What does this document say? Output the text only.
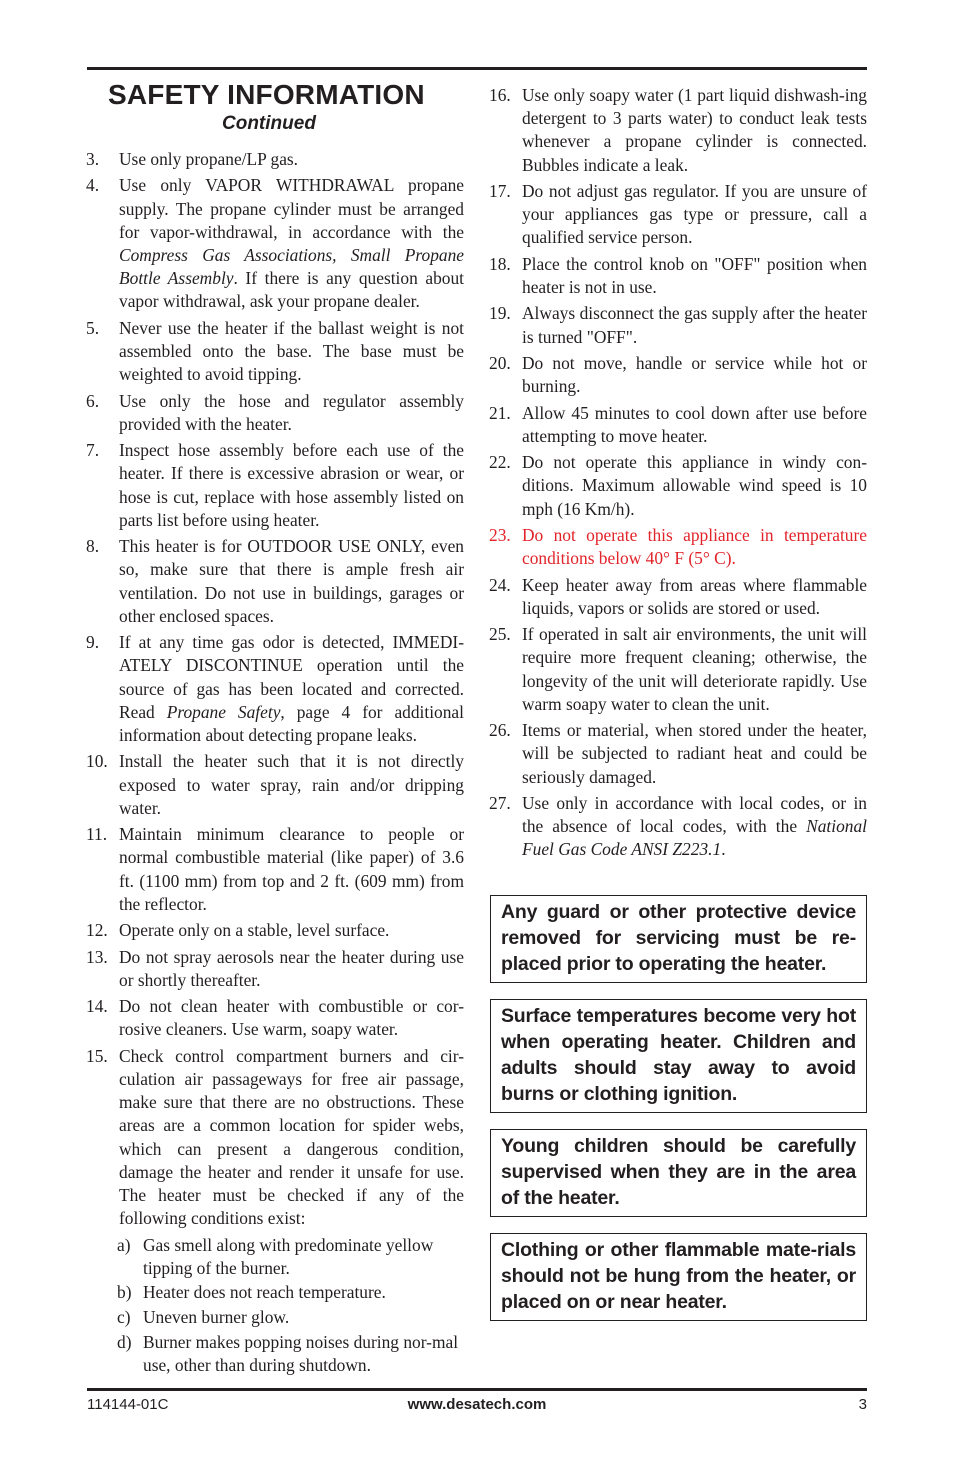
SAFETY INFORMATION
Continued
3.	Use only propane/LP gas.
4.	Use only VAPOR WITHDRAWAL propane supply. The propane cylinder must be arranged for vapor-withdrawal, in accordance with the Compress Gas Associations, Small Propane Bottle Assembly. If there is any question about vapor withdrawal, ask your propane dealer.
5.	Never use the heater if the ballast weight is not assembled onto the base. The base must be weighted to avoid tipping.
6.	Use only the hose and regulator assembly provided with the heater.
7.	Inspect hose assembly before each use of the heater. If there is excessive abrasion or wear, or hose is cut, replace with hose assembly listed on parts list before using heater.
8.	This heater is for OUTDOOR USE ONLY, even so, make sure that there is ample fresh air ventilation. Do not use in buildings, garages or other enclosed spaces.
9.	If at any time gas odor is detected, IMMEDI-ATELY DISCONTINUE operation until the source of gas has been located and corrected. Read Propane Safety, page 4 for additional information about detecting propane leaks.
10. Install the heater such that it is not directly exposed to water spray, rain and/or dripping water.
11. Maintain minimum clearance to people or normal combustible material (like paper) of 3.6 ft. (1100 mm) from top and 2 ft. (609 mm) from the reflector.
12. Operate only on a stable, level surface.
13. Do not spray aerosols near the heater during use or shortly thereafter.
14. Do not clean heater with combustible or cor-rosive cleaners. Use warm, soapy water.
15. Check control compartment burners and cir-culation air passageways for free air passage, make sure that there are no obstructions. These areas are a common location for spider webs, which can present a dangerous condition, damage the heater and render it unsafe for use. The heater must be checked if any of the following conditions exist:
a) Gas smell along with predominate yellow tipping of the burner.
b) Heater does not reach temperature.
c) Uneven burner glow.
d) Burner makes popping noises during nor-mal use, other than during shutdown.
16. Use only soapy water (1 part liquid dishwash-ing detergent to 3 parts water) to conduct leak tests whenever a propane cylinder is connected. Bubbles indicate a leak.
17. Do not adjust gas regulator. If you are unsure of your appliances gas type or pressure, call a qualified service person.
18. Place the control knob on "OFF" position when heater is not in use.
19. Always disconnect the gas supply after the heater is turned "OFF".
20. Do not move, handle or service while hot or burning.
21. Allow 45 minutes to cool down after use before attempting to move heater.
22. Do not operate this appliance in windy con-ditions. Maximum allowable wind speed is 10 mph (16 Km/h).
23. Do not operate this appliance in temperature conditions below 40° F (5° C).
24. Keep heater away from areas where flammable liquids, vapors or solids are stored or used.
25. If operated in salt air environments, the unit will require more frequent cleaning; otherwise, the longevity of the unit will deteriorate rapidly. Use warm soapy water to clean the unit.
26. Items or material, when stored under the heater, will be subjected to radiant heat and could be seriously damaged.
27. Use only in accordance with local codes, or in the absence of local codes, with the National Fuel Gas Code ANSI Z223.1.
Any guard or other protective device removed for servicing must be re-placed prior to operating the heater.
Surface temperatures become very hot when operating heater. Children and adults should stay away to avoid burns or clothing ignition.
Young children should be carefully supervised when they are in the area of the heater.
Clothing or other flammable mate-rials should not be hung from the heater, or placed on or near heater.
114144-01C	www.desatech.com	3
